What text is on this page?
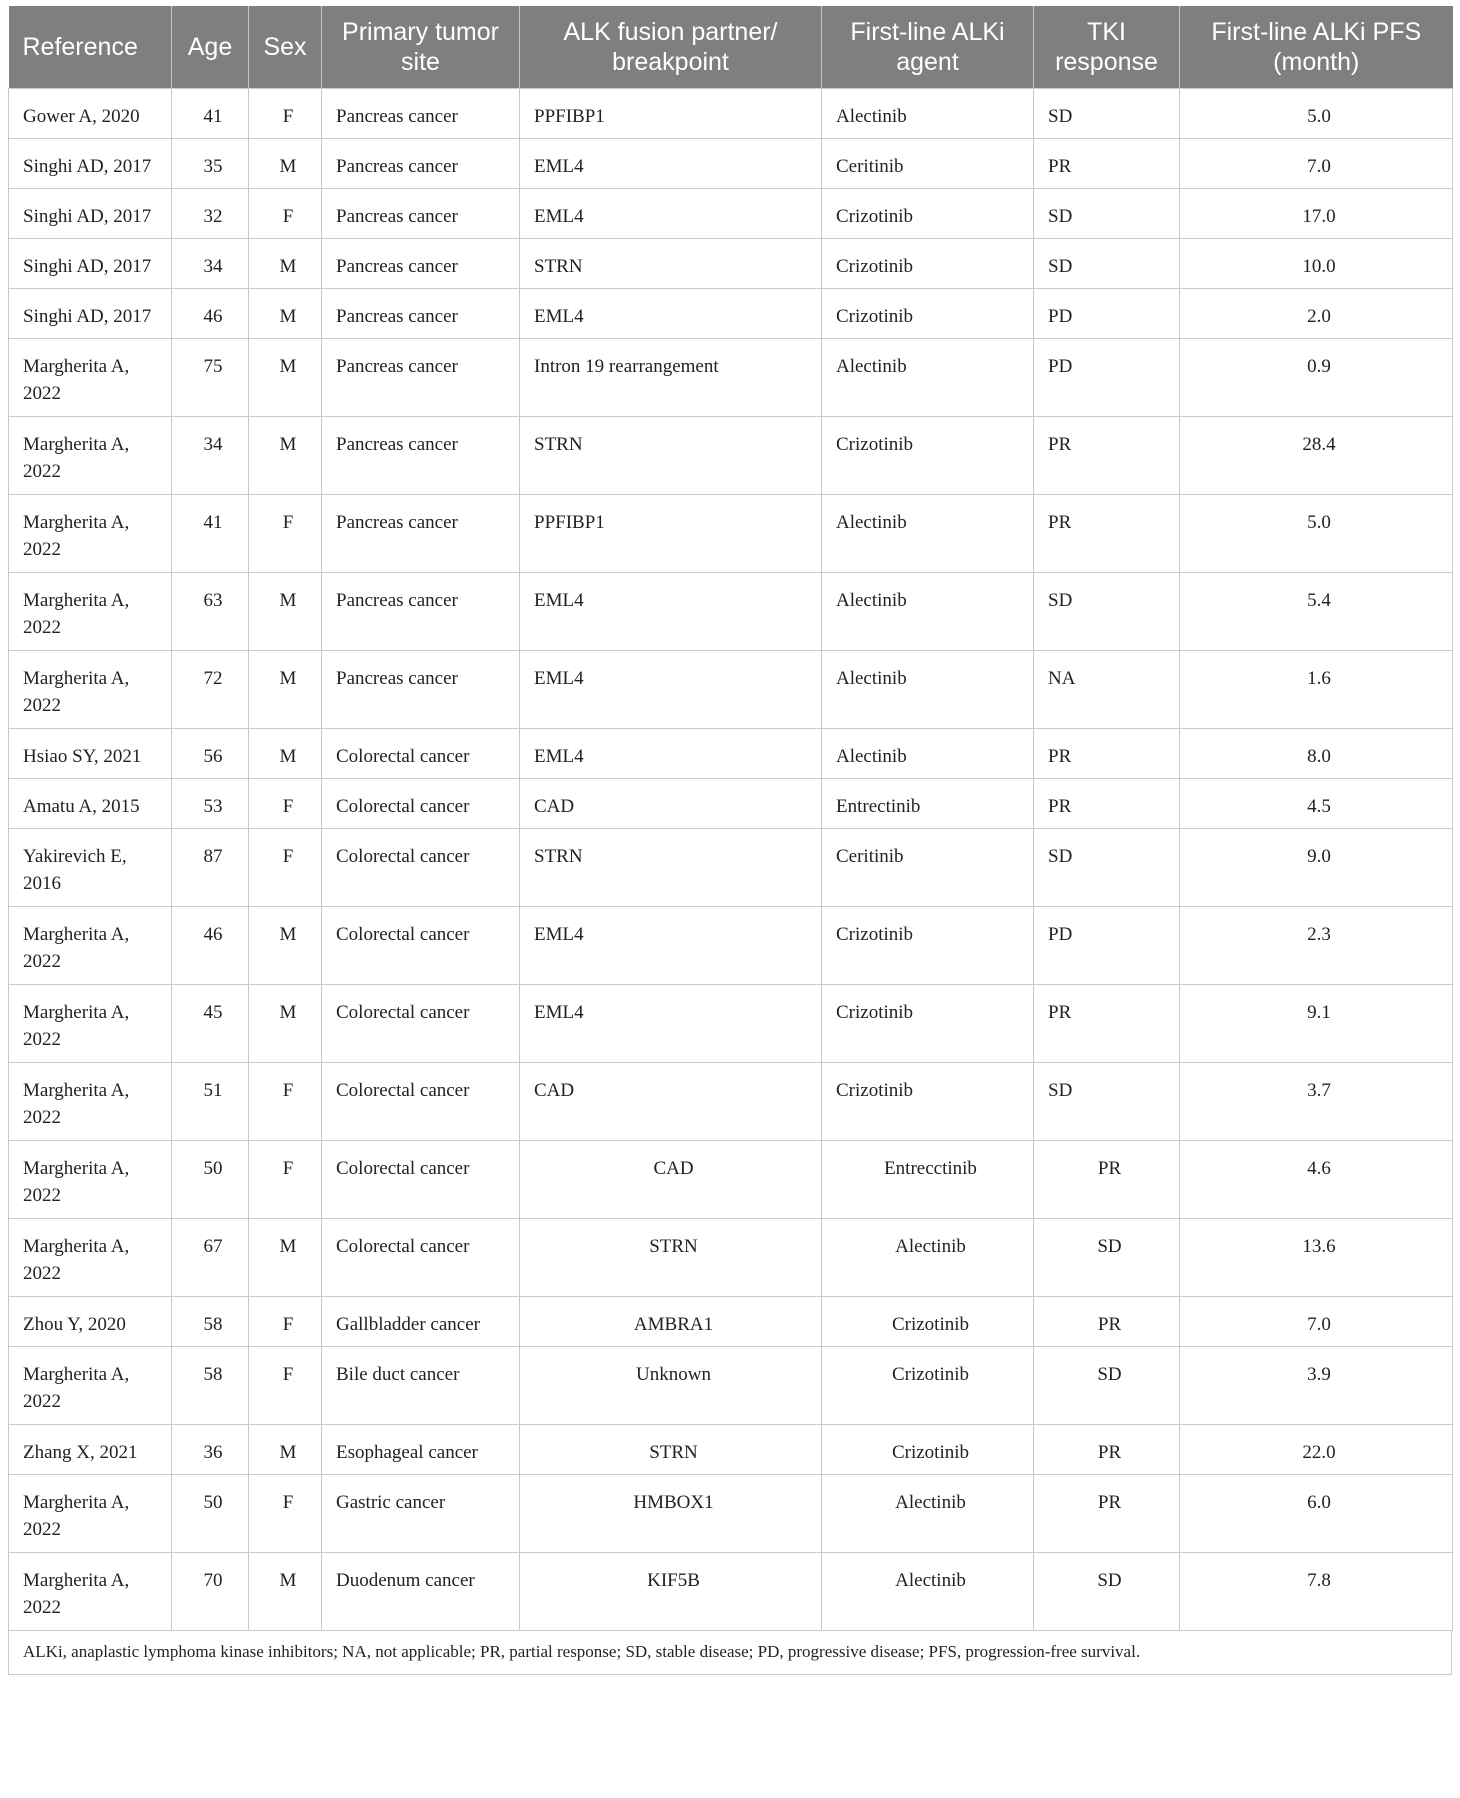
Reference	Age	Sex	Primary tumor site	ALK fusion partner/ breakpoint	First-line ALKi agent	TKI response	First-line ALKi PFS (month)
Gower A, 2020	41	F	Pancreas cancer	PPFIBP1	Alectinib	SD	5.0
Singhi AD, 2017	35	M	Pancreas cancer	EML4	Ceritinib	PR	7.0
Singhi AD, 2017	32	F	Pancreas cancer	EML4	Crizotinib	SD	17.0
Singhi AD, 2017	34	M	Pancreas cancer	STRN	Crizotinib	SD	10.0
Singhi AD, 2017	46	M	Pancreas cancer	EML4	Crizotinib	PD	2.0
Margherita A, 2022	75	M	Pancreas cancer	Intron 19 rearrangement	Alectinib	PD	0.9
Margherita A, 2022	34	M	Pancreas cancer	STRN	Crizotinib	PR	28.4
Margherita A, 2022	41	F	Pancreas cancer	PPFIBP1	Alectinib	PR	5.0
Margherita A, 2022	63	M	Pancreas cancer	EML4	Alectinib	SD	5.4
Margherita A, 2022	72	M	Pancreas cancer	EML4	Alectinib	NA	1.6
Hsiao SY, 2021	56	M	Colorectal cancer	EML4	Alectinib	PR	8.0
Amatu A, 2015	53	F	Colorectal cancer	CAD	Entrectinib	PR	4.5
Yakirevich E, 2016	87	F	Colorectal cancer	STRN	Ceritinib	SD	9.0
Margherita A, 2022	46	M	Colorectal cancer	EML4	Crizotinib	PD	2.3
Margherita A, 2022	45	M	Colorectal cancer	EML4	Crizotinib	PR	9.1
Margherita A, 2022	51	F	Colorectal cancer	CAD	Crizotinib	SD	3.7
Margherita A, 2022	50	F	Colorectal cancer	CAD	Entrecctinib	PR	4.6
Margherita A, 2022	67	M	Colorectal cancer	STRN	Alectinib	SD	13.6
Zhou Y, 2020	58	F	Gallbladder cancer	AMBRA1	Crizotinib	PR	7.0
Margherita A, 2022	58	F	Bile duct cancer	Unknown	Crizotinib	SD	3.9
Zhang X, 2021	36	M	Esophageal cancer	STRN	Crizotinib	PR	22.0
Margherita A, 2022	50	F	Gastric cancer	HMBOX1	Alectinib	PR	6.0
Margherita A, 2022	70	M	Duodenum cancer	KIF5B	Alectinib	SD	7.8
ALKi, anaplastic lymphoma kinase inhibitors; NA, not applicable; PR, partial response; SD, stable disease; PD, progressive disease; PFS, progression-free survival.
